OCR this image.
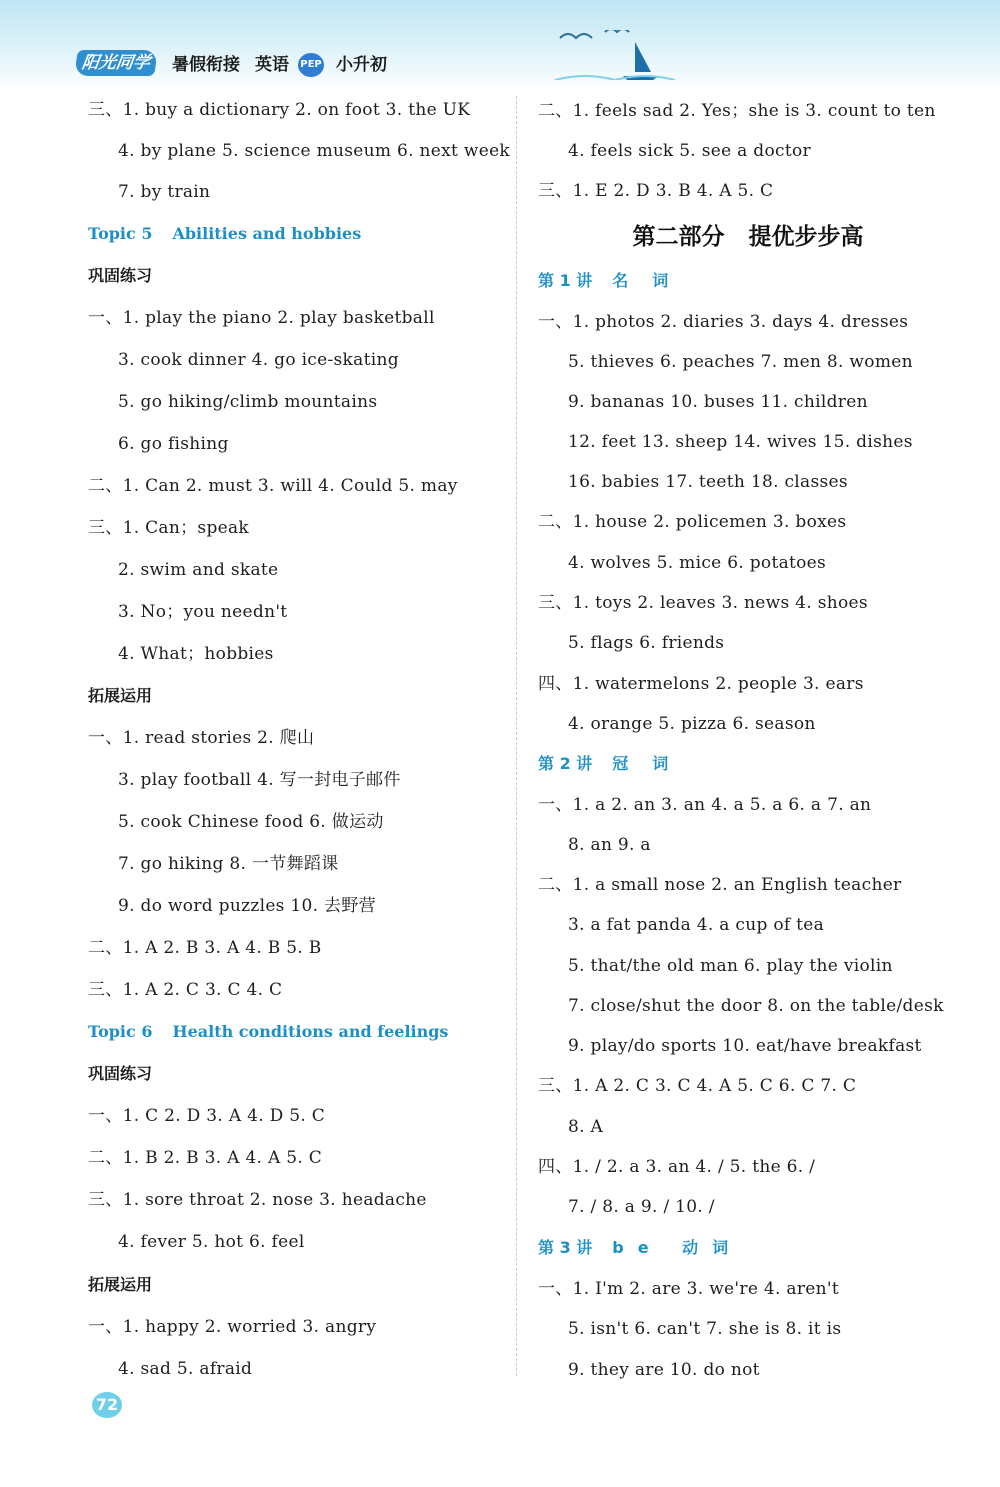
阳光同学	暑假衔接 英语 PEP 小升初
三、1. buy a dictionary 2. on foot 3. the UK
4. by plane 5. science museum 6. next week
7. by train
Topic 5 Abilities and hobbies
巩固练习
一、1. play the piano 2. play basketball
3. cook dinner 4. go ice-skating
5. go hiking/climb mountains
6. go fishing
二、1. Can 2. must 3. will 4. Could 5. may
三、1. Can；speak
2. swim and skate
3. No；you needn't
4. What；hobbies
拓展运用
一、1. read stories 2. 爬山
3. play football 4. 写一封电子邮件
5. cook Chinese food 6. 做运动
7. go hiking 8. 一节舞蹈课
9. do word puzzles 10. 去野营
二、1. A 2. B 3. A 4. B 5. B
三、1. A 2. C 3. C 4. C
Topic 6 Health conditions and feelings
巩固练习
一、1. C 2. D 3. A 4. D 5. C
二、1. B 2. B 3. A 4. A 5. C
三、1. sore throat 2. nose 3. headache
4. fever 5. hot 6. feel
拓展运用
一、1. happy 2. worried 3. angry
4. sad 5. afraid
二、1. feels sad 2. Yes；she is 3. count to ten
4. feels sick 5. see a doctor
三、1. E 2. D 3. B 4. A 5. C
第二部分 提优步步高
第 1 讲 名词
一、1. photos 2. diaries 3. days 4. dresses
5. thieves 6. peaches 7. men 8. women
9. bananas 10. buses 11. children
12. feet 13. sheep 14. wives 15. dishes
16. babies 17. teeth 18. classes
二、1. house 2. policemen 3. boxes
4. wolves 5. mice 6. potatoes
三、1. toys 2. leaves 3. news 4. shoes
5. flags 6. friends
四、1. watermelons 2. people 3. ears
4. orange 5. pizza 6. season
第 2 讲 冠词
一、1. a 2. an 3. an 4. a 5. a 6. a 7. an
8. an 9. a
二、1. a small nose 2. an English teacher
3. a fat panda 4. a cup of tea
5. that/the old man 6. play the violin
7. close/shut the door 8. on the table/desk
9. play/do sports 10. eat/have breakfast
三、1. A 2. C 3. C 4. A 5. C 6. C 7. C
8. A
四、1. / 2. a 3. an 4. / 5. the 6. /
7. / 8. a 9. / 10. /
第 3 讲 be 动词
一、1. I'm 2. are 3. we're 4. aren't
5. isn't 6. can't 7. she is 8. it is
9. they are 10. do not
72
